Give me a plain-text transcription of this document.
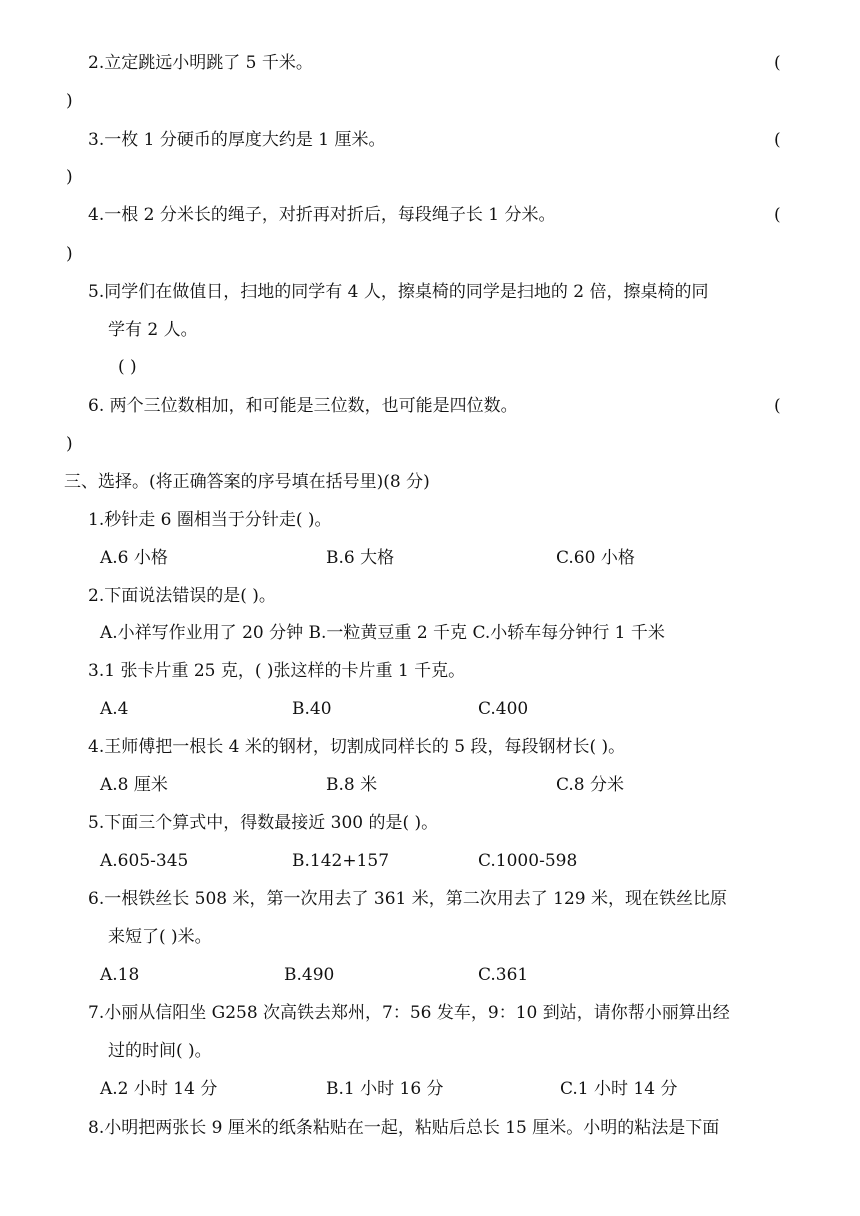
2.立定跳远小明跳了 5 千米。	(
)
3.一枚 1 分硬币的厚度大约是 1 厘米。	(
)
4.一根 2 分米长的绳子，对折再对折后，每段绳子长 1 分米。	(
)
5.同学们在做值日，扫地的同学有 4 人，擦桌椅的同学是扫地的 2 倍，擦桌椅的同
学有 2 人。
( )
6. 两个三位数相加，和可能是三位数，也可能是四位数。	(
)
三、选择。(将正确答案的序号填在括号里)(8 分)
1.秒针走 6 圈相当于分针走( )。
A.6 小格	B.6 大格	C.60 小格
2.下面说法错误的是( )。
A.小祥写作业用了 20 分钟 B.一粒黄豆重 2 千克 C.小轿车每分钟行 1 千米
3.1 张卡片重 25 克，( )张这样的卡片重 1 千克。
A.4	B.40	C.400
4.王师傅把一根长 4 米的钢材，切割成同样长的 5 段，每段钢材长( )。
A.8 厘米	B.8 米	C.8 分米
5.下面三个算式中，得数最接近 300 的是( )。
A.605-345	B.142+157	C.1000-598
6.一根铁丝长 508 米，第一次用去了 361 米，第二次用去了 129 米，现在铁丝比原
来短了( )米。
A.18	B.490	C.361
7.小丽从信阳坐 G258 次高铁去郑州，7：56 发车，9：10 到站，请你帮小丽算出经
过的时间( )。
A.2 小时 14 分	B.1 小时 16 分	C.1 小时 14 分
8.小明把两张长 9 厘米的纸条粘贴在一起，粘贴后总长 15 厘米。小明的粘法是下面
